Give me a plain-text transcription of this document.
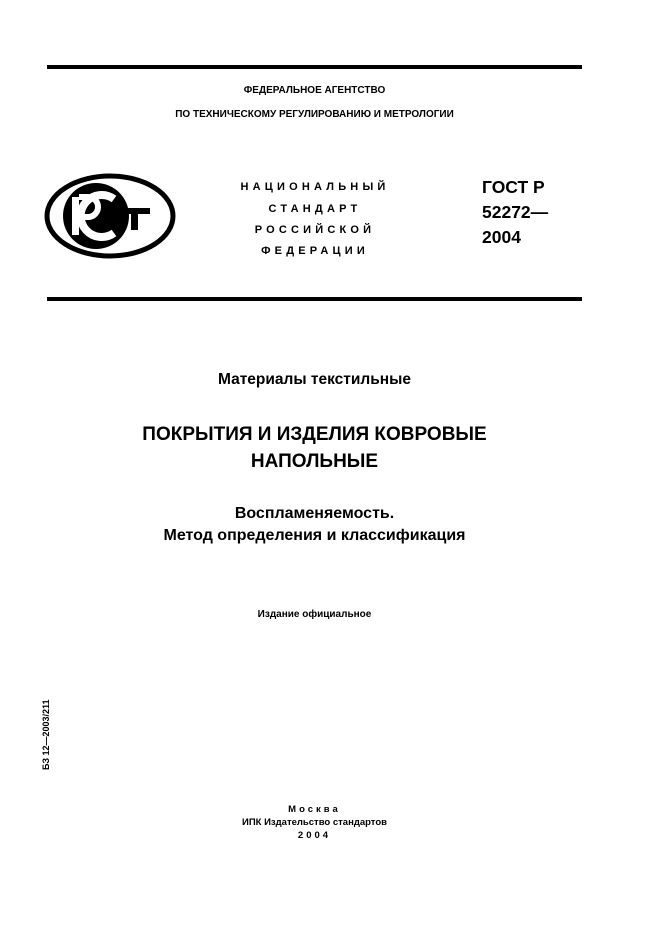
ФЕДЕРАЛЬНОЕ АГЕНТСТВО
ПО ТЕХНИЧЕСКОМУ РЕГУЛИРОВАНИЮ И МЕТРОЛОГИИ
НАЦИОНАЛЬНЫЙ
СТАНДАРТ
РОССИЙСКОЙ
ФЕДЕРАЦИИ
ГОСТ Р
52272—
2004
Материалы текстильные
ПОКРЫТИЯ И ИЗДЕЛИЯ КОВРОВЫЕ
НАПОЛЬНЫЕ
Воспламеняемость.
Метод определения и классификация
Издание официальное
БЗ 12—2003/211
Москва
ИПК Издательство стандартов
2004
